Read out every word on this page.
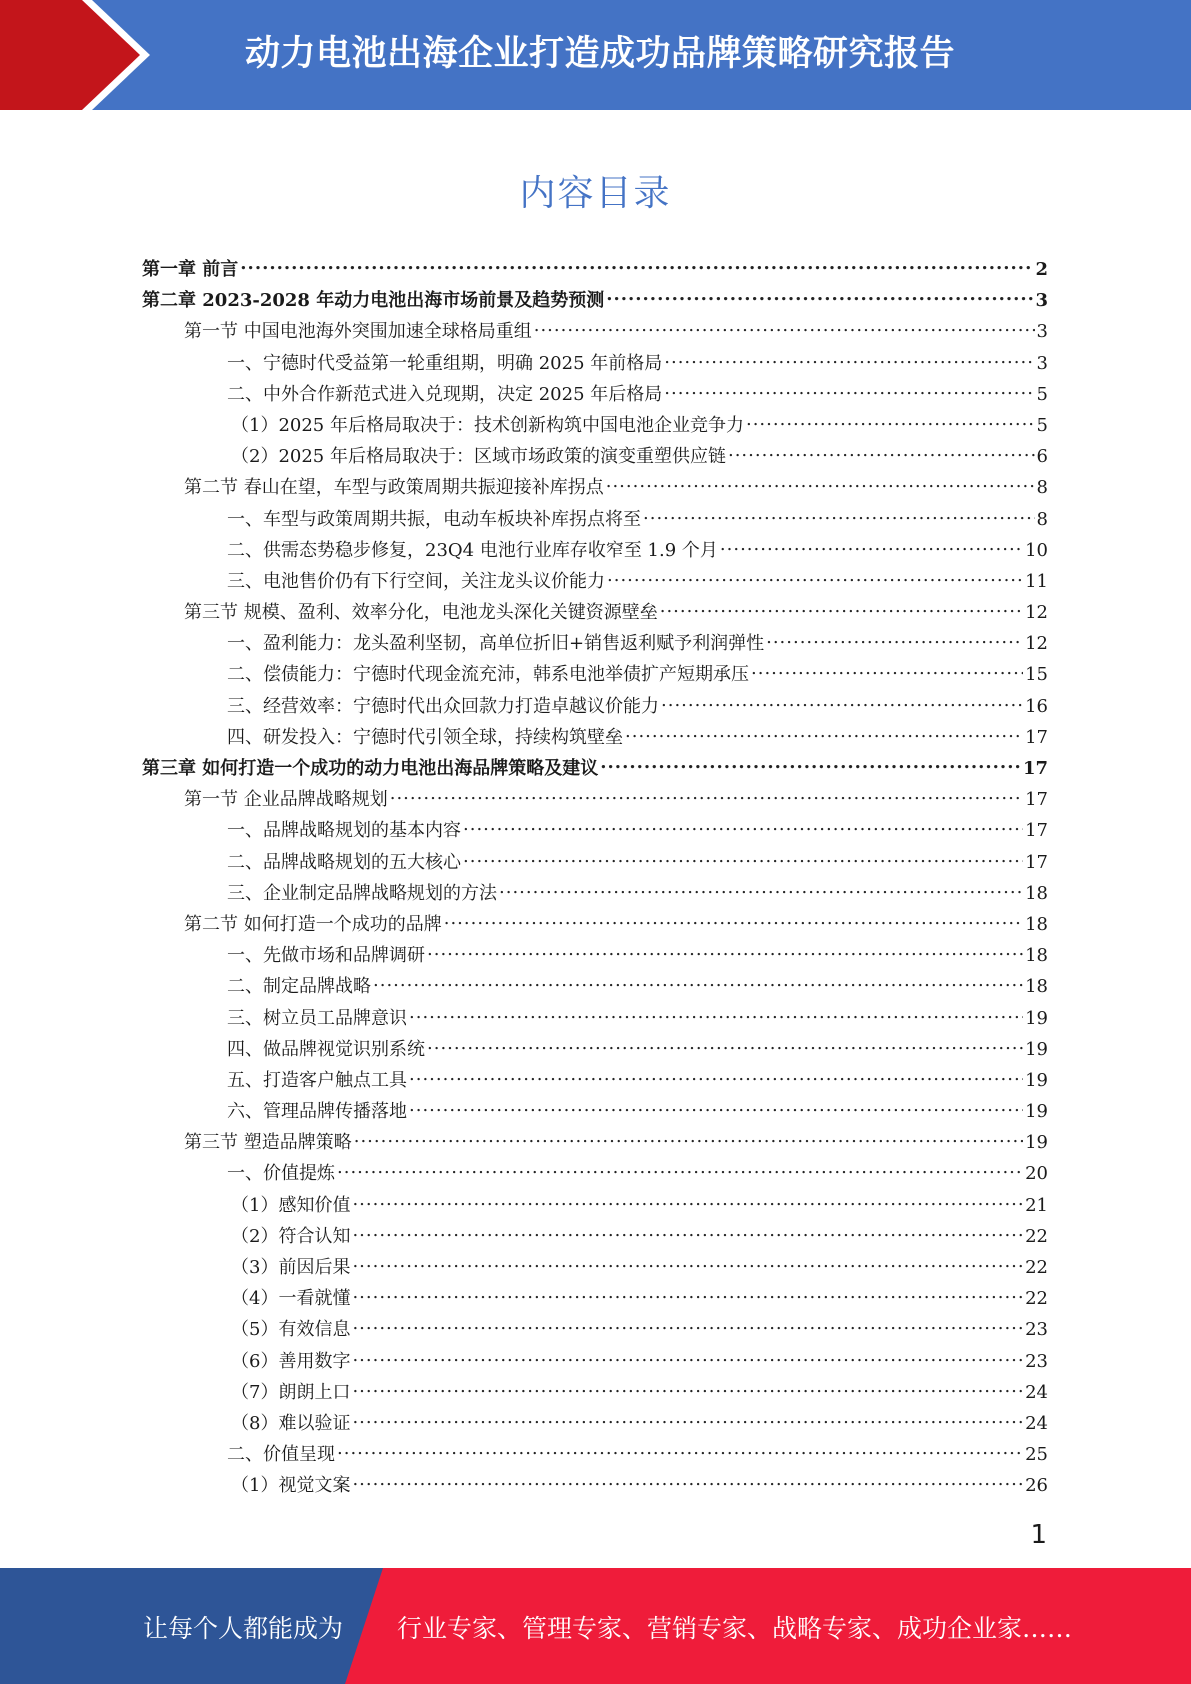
动力电池出海企业打造成功品牌策略研究报告
内容目录
第一章 前言 .....	2
第二章 2023-2028 年动力电池出海市场前景及趋势预测 .....	3
第一节 中国电池海外突围加速全球格局重组 .....	3
一、宁德时代受益第一轮重组期，明确 2025 年前格局 .....	3
二、中外合作新范式进入兑现期，决定 2025 年后格局 .....	5
（1）2025 年后格局取决于：技术创新构筑中国电池企业竞争力 .....	5
（2）2025 年后格局取决于：区域市场政策的演变重塑供应链 .....	6
第二节 春山在望，车型与政策周期共振迎接补库拐点 .....	8
一、车型与政策周期共振，电动车板块补库拐点将至 .....	8
二、供需态势稳步修复，23Q4 电池行业库存收窄至 1.9 个月 .....	10
三、电池售价仍有下行空间，关注龙头议价能力 .....	11
第三节 规模、盈利、效率分化，电池龙头深化关键资源壁垒 .....	12
一、盈利能力：龙头盈利坚韧，高单位折旧+销售返利赋予利润弹性 .....	12
二、偿债能力：宁德时代现金流充沛，韩系电池举债扩产短期承压 .....	15
三、经营效率：宁德时代出众回款力打造卓越议价能力 .....	16
四、研发投入：宁德时代引领全球，持续构筑壁垒 .....	17
第三章 如何打造一个成功的动力电池出海品牌策略及建议 .....	17
第一节 企业品牌战略规划 .....	17
一、品牌战略规划的基本内容 .....	17
二、品牌战略规划的五大核心 .....	17
三、企业制定品牌战略规划的方法 .....	18
第二节 如何打造一个成功的品牌 .....	18
一、先做市场和品牌调研 .....	18
二、制定品牌战略 .....	18
三、树立员工品牌意识 .....	19
四、做品牌视觉识别系统 .....	19
五、打造客户触点工具 .....	19
六、管理品牌传播落地 .....	19
第三节 塑造品牌策略 .....	19
一、价值提炼 .....	20
（1）感知价值 .....	21
（2）符合认知 .....	22
（3）前因后果 .....	22
（4）一看就懂 .....	22
（5）有效信息 .....	23
（6）善用数字 .....	23
（7）朗朗上口 .....	24
（8）难以验证 .....	24
二、价值呈现 .....	25
（1）视觉文案 .....	26
1
让每个人都能成为 行业专家、管理专家、营销专家、战略专家、成功企业家……
